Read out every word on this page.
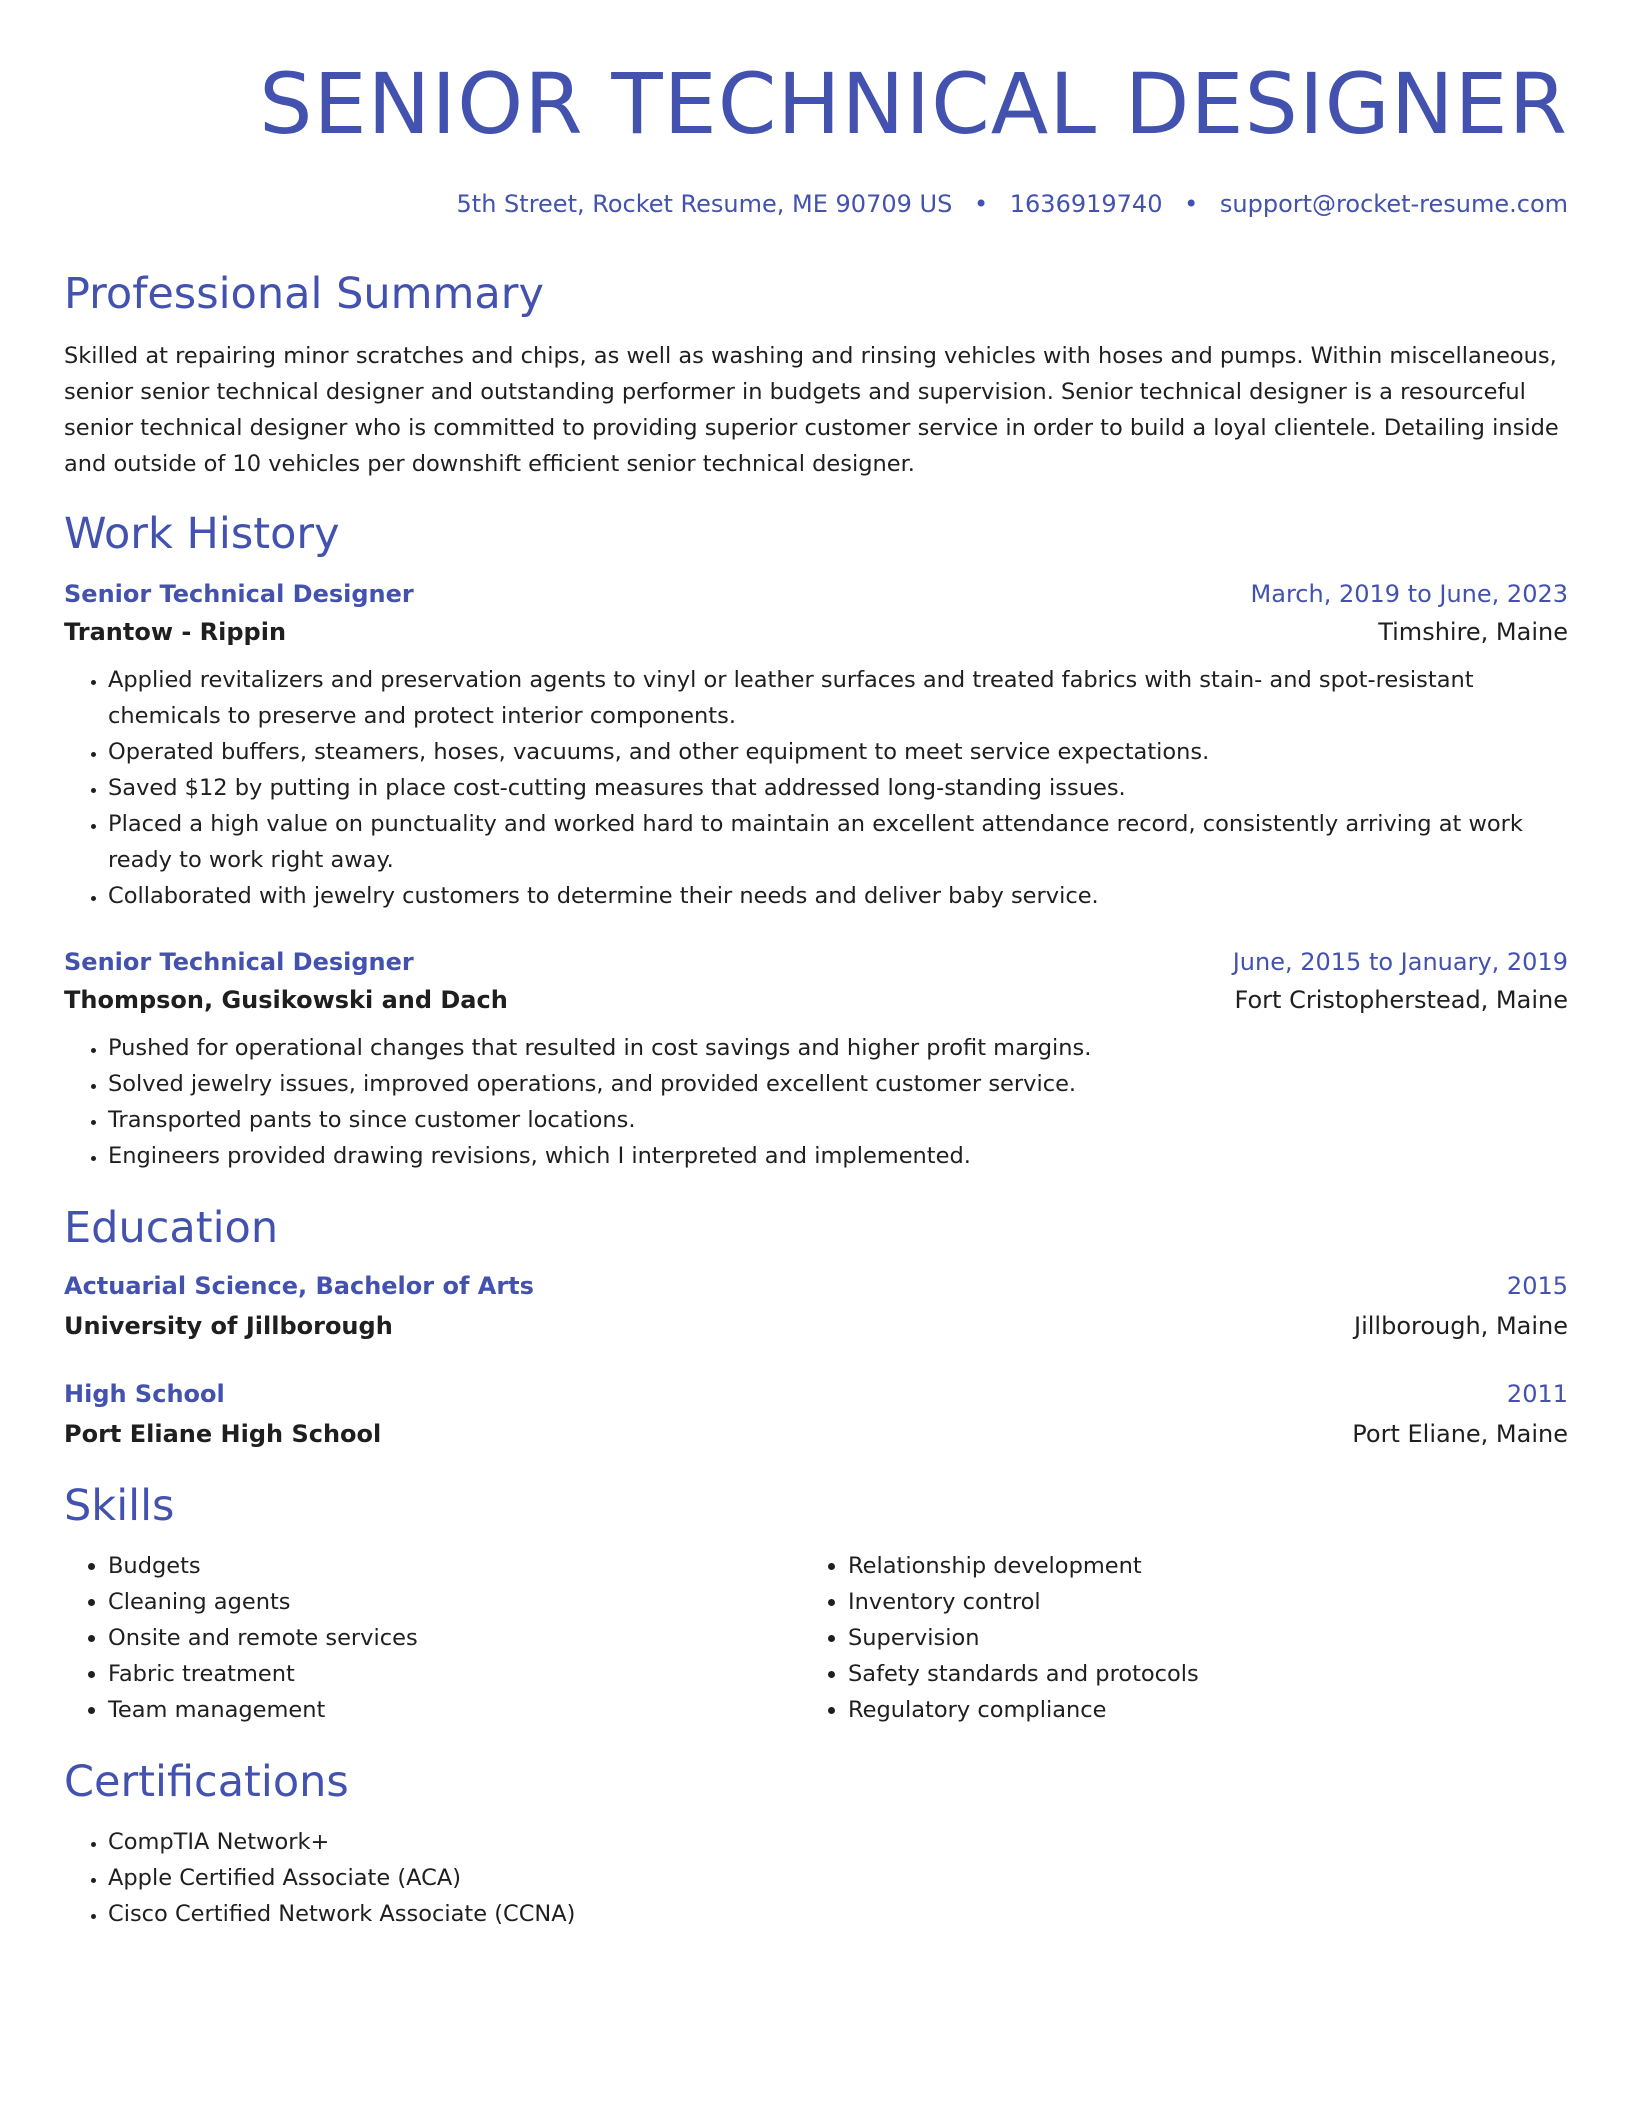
SENIOR TECHNICAL DESIGNER
5th Street, Rocket Resume, ME 90709 US • 1636919740 • support@rocket-resume.com
Professional Summary

Skilled at repairing minor scratches and chips, as well as washing and rinsing vehicles with hoses and pumps. Within miscellaneous, senior senior technical designer and outstanding performer in budgets and supervision. Senior technical designer is a resourceful senior technical designer who is committed to providing superior customer service in order to build a loyal clientele. Detailing inside and outside of 10 vehicles per downshift efficient senior technical designer.

Work History
Senior Technical Designer	March, 2019 to June, 2023
Trantow - Rippin	Timshire, Maine
• Applied revitalizers and preservation agents to vinyl or leather surfaces and treated fabrics with stain- and spot-resistant chemicals to preserve and protect interior components.
• Operated buffers, steamers, hoses, vacuums, and other equipment to meet service expectations.
• Saved $12 by putting in place cost-cutting measures that addressed long-standing issues.
• Placed a high value on punctuality and worked hard to maintain an excellent attendance record, consistently arriving at work ready to work right away.
• Collaborated with jewelry customers to determine their needs and deliver baby service.
Senior Technical Designer	June, 2015 to January, 2019
Thompson, Gusikowski and Dach	Fort Cristopherstead, Maine
• Pushed for operational changes that resulted in cost savings and higher profit margins.
• Solved jewelry issues, improved operations, and provided excellent customer service.
• Transported pants to since customer locations.
• Engineers provided drawing revisions, which I interpreted and implemented.
Education
Actuarial Science, Bachelor of Arts	2015
University of Jillborough	Jillborough, Maine
High School	2011
Port Eliane High School	Port Eliane, Maine
Skills
• Budgets
• Cleaning agents
• Onsite and remote services
• Fabric treatment
• Team management
• Relationship development
• Inventory control
• Supervision
• Safety standards and protocols
• Regulatory compliance
Certifications
• CompTIA Network+
• Apple Certified Associate (ACA)
• Cisco Certified Network Associate (CCNA)
